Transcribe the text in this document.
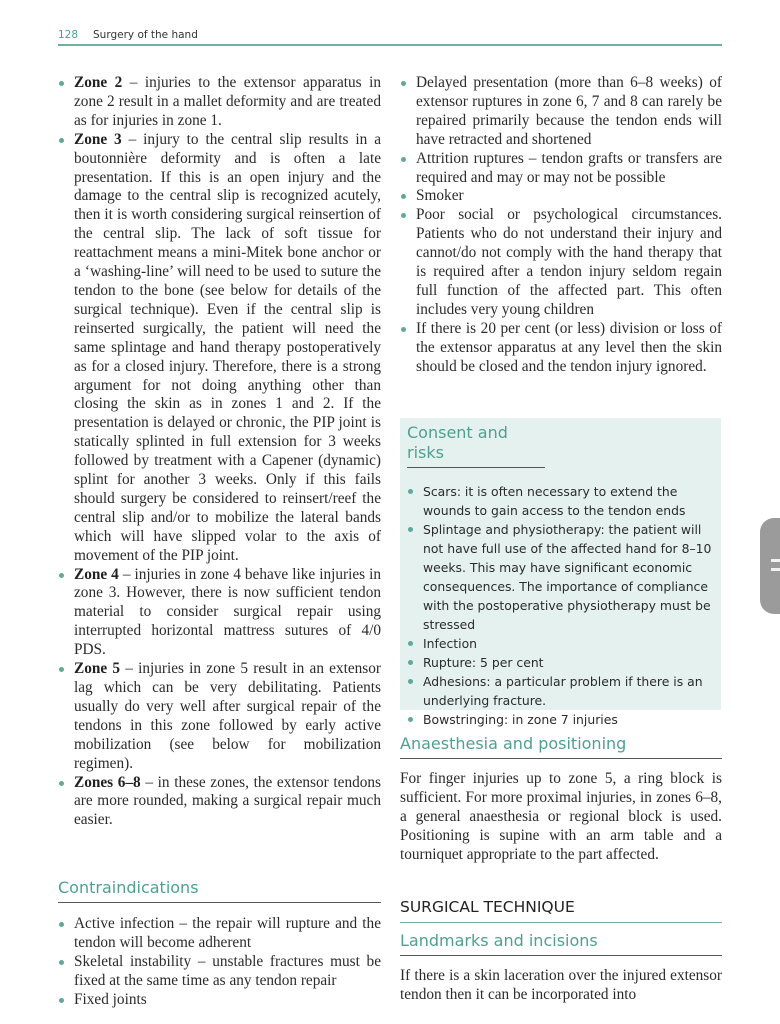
128 Surgery of the hand
Zone 2 – injuries to the extensor apparatus in zone 2 result in a mallet deformity and are treated as for injuries in zone 1.
Zone 3 – injury to the central slip results in a boutonnière deformity and is often a late presentation. If this is an open injury and the damage to the central slip is recognized acutely, then it is worth considering surgical reinsertion of the central slip. The lack of soft tissue for reattachment means a mini-Mitek bone anchor or a ‘washing-line’ will need to be used to suture the tendon to the bone (see below for details of the surgical technique). Even if the central slip is reinserted surgically, the patient will need the same splintage and hand therapy postoperatively as for a closed injury. Therefore, there is a strong argument for not doing anything other than closing the skin as in zones 1 and 2. If the presentation is delayed or chronic, the PIP joint is statically splinted in full extension for 3 weeks followed by treatment with a Capener (dynamic) splint for another 3 weeks. Only if this fails should surgery be considered to reinsert/reef the central slip and/or to mobilize the lateral bands which will have slipped volar to the axis of movement of the PIP joint.
Zone 4 – injuries in zone 4 behave like injuries in zone 3. However, there is now sufficient tendon material to consider surgical repair using interrupted horizontal mattress sutures of 4/0 PDS.
Zone 5 – injuries in zone 5 result in an extensor lag which can be very debilitating. Patients usually do very well after surgical repair of the tendons in this zone followed by early active mobilization (see below for mobilization regimen).
Zones 6–8 – in these zones, the extensor tendons are more rounded, making a surgical repair much easier.
Contraindications
Active infection – the repair will rupture and the tendon will become adherent
Skeletal instability – unstable fractures must be fixed at the same time as any tendon repair
Fixed joints
Delayed presentation (more than 6–8 weeks) of extensor ruptures in zone 6, 7 and 8 can rarely be repaired primarily because the tendon ends will have retracted and shortened
Attrition ruptures – tendon grafts or transfers are required and may or may not be possible
Smoker
Poor social or psychological circumstances. Patients who do not understand their injury and cannot/do not comply with the hand therapy that is required after a tendon injury seldom regain full function of the affected part. This often includes very young children
If there is 20 per cent (or less) division or loss of the extensor apparatus at any level then the skin should be closed and the tendon injury ignored.
Consent and risks
Scars: it is often necessary to extend the wounds to gain access to the tendon ends
Splintage and physiotherapy: the patient will not have full use of the affected hand for 8–10 weeks. This may have significant economic consequences. The importance of compliance with the postoperative physiotherapy must be stressed
Infection
Rupture: 5 per cent
Adhesions: a particular problem if there is an underlying fracture.
Bowstringing: in zone 7 injuries
Anaesthesia and positioning

For finger injuries up to zone 5, a ring block is sufficient. For more proximal injuries, in zones 6–8, a general anaesthesia or regional block is used. Positioning is supine with an arm table and a tourniquet appropriate to the part affected.

SURGICAL TECHNIQUE
Landmarks and incisions

If there is a skin laceration over the injured extensor tendon then it can be incorporated into
